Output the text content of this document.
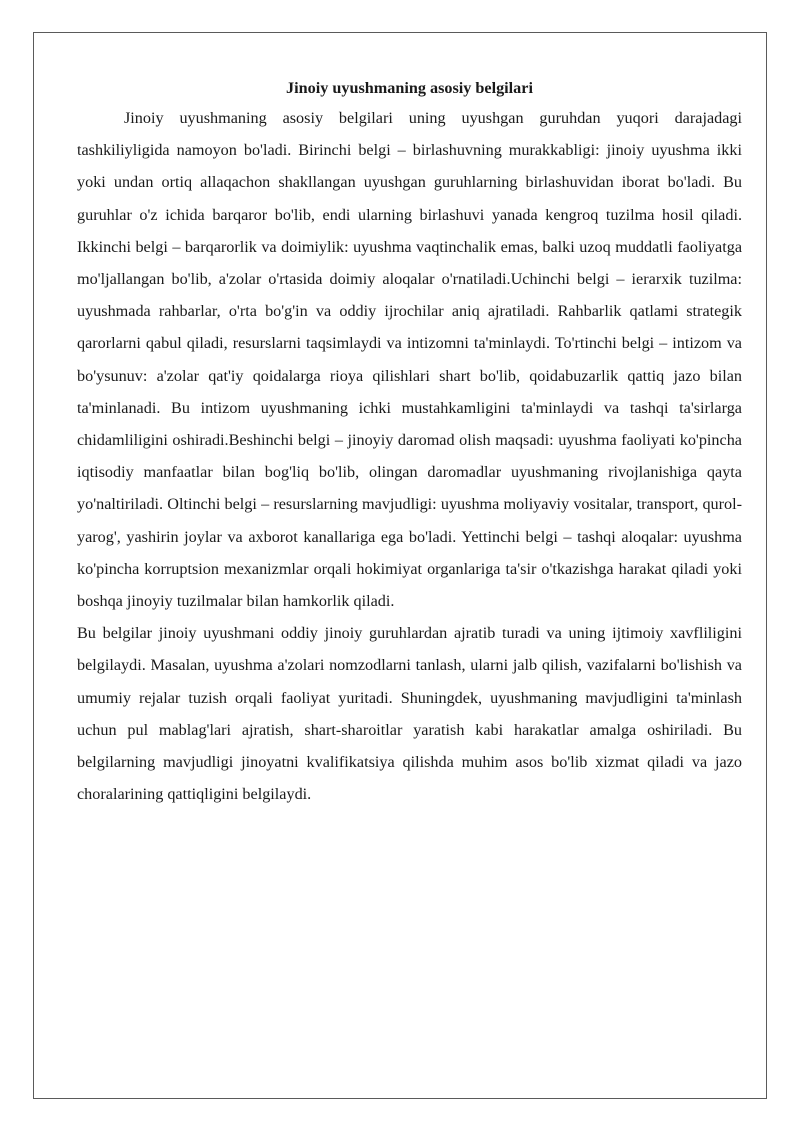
Jinoiy uyushmaning asosiy belgilari

Jinoiy uyushmaning asosiy belgilari uning uyushgan guruhdan yuqori darajadagi tashkiliyligida namoyon bo'ladi. Birinchi belgi – birlashuvning murakkabligi: jinoiy uyushma ikki yoki undan ortiq allaqachon shakllangan uyushgan guruhlarning birlashuvidan iborat bo'ladi. Bu guruhlar o'z ichida barqaror bo'lib, endi ularning birlashuvi yanada kengroq tuzilma hosil qiladi. Ikkinchi belgi – barqarorlik va doimiylik: uyushma vaqtinchalik emas, balki uzoq muddatli faoliyatga mo'ljallangan bo'lib, a'zolar o'rtasida doimiy aloqalar o'rnatiladi.Uchinchi belgi – ierarxik tuzilma: uyushmada rahbarlar, o'rta bo'g'in va oddiy ijrochilar aniq ajratiladi. Rahbarlik qatlami strategik qarorlarni qabul qiladi, resurslarni taqsimlaydi va intizomni ta'minlaydi. To'rtinchi belgi – intizom va bo'ysunuv: a'zolar qat'iy qoidalarga rioya qilishlari shart bo'lib, qoidabuzarlik qattiq jazo bilan ta'minlanadi. Bu intizom uyushmaning ichki mustahkamligini ta'minlaydi va tashqi ta'sirlarga chidamliligini oshiradi.Beshinchi belgi – jinoyiy daromad olish maqsadi: uyushma faoliyati ko'pincha iqtisodiy manfaatlar bilan bog'liq bo'lib, olingan daromadlar uyushmaning rivojlanishiga qayta yo'naltiriladi. Oltinchi belgi – resurslarning mavjudligi: uyushma moliyaviy vositalar, transport, qurol-yarog', yashirin joylar va axborot kanallariga ega bo'ladi. Yettinchi belgi – tashqi aloqalar: uyushma ko'pincha korruptsion mexanizmlar orqali hokimiyat organlariga ta'sir o'tkazishga harakat qiladi yoki boshqa jinoyiy tuzilmalar bilan hamkorlik qiladi.

Bu belgilar jinoiy uyushmani oddiy jinoiy guruhlardan ajratib turadi va uning ijtimoiy xavfliligini belgilaydi. Masalan, uyushma a'zolari nomzodlarni tanlash, ularni jalb qilish, vazifalarni bo'lishish va umumiy rejalar tuzish orqali faoliyat yuritadi. Shuningdek, uyushmaning mavjudligini ta'minlash uchun pul mablag'lari ajratish, shart-sharoitlar yaratish kabi harakatlar amalga oshiriladi. Bu belgilarning mavjudligi jinoyatni kvalifikatsiya qilishda muhim asos bo'lib xizmat qiladi va jazo choralarining qattiqligini belgilaydi.
